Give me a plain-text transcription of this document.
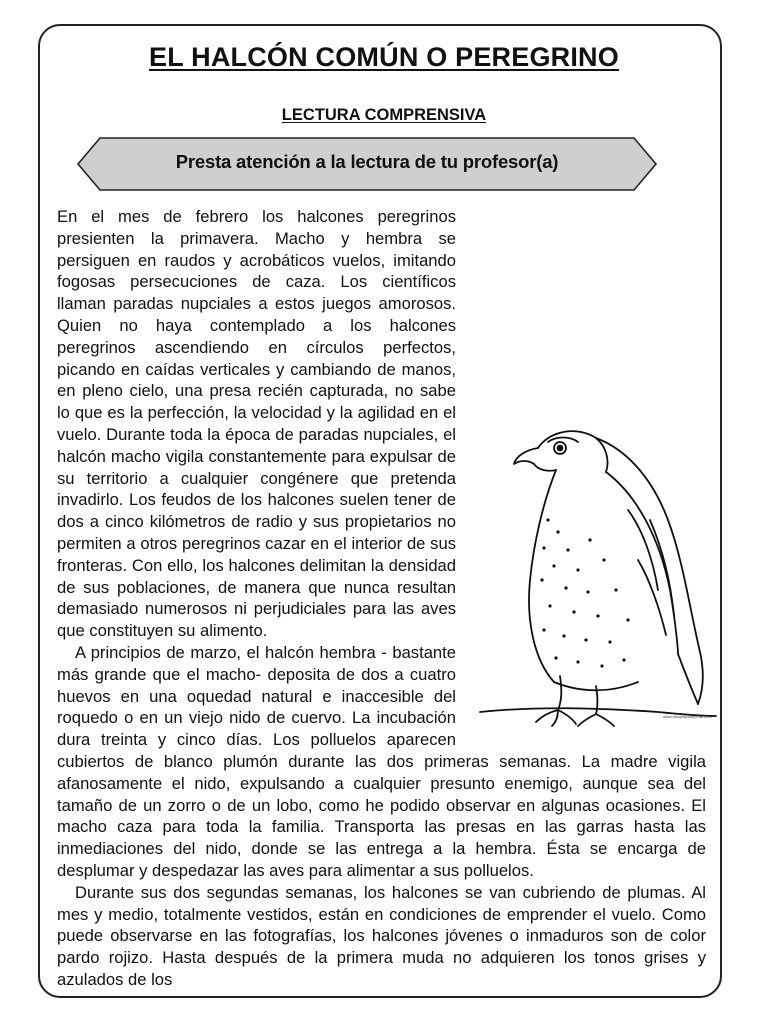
EL HALCÓN COMÚN O PEREGRINO
LECTURA COMPRENSIVA
Presta atención a la lectura de tu profesor(a)

En el mes de febrero los halcones peregrinos presienten la primavera. Macho y hembra se persiguen en raudos y acrobáticos vuelos, imitando fogosas persecuciones de caza. Los científicos llaman paradas nupciales a estos juegos amorosos. Quien no haya contemplado a los halcones peregrinos ascendiendo en círculos perfectos, picando en caídas verticales y cambiando de manos, en pleno cielo, una presa recién capturada, no sabe lo que es la perfección, la velocidad y la agilidad en el vuelo. Durante toda la época de paradas nupciales, el halcón macho vigila constantemente para expulsar de su territorio a cualquier congénere que pretenda invadirlo. Los feudos de los halcones suelen tener de dos a cinco kilómetros de radio y sus propietarios no permiten a otros peregrinos cazar en el interior de sus fronteras. Con ello, los halcones delimitan la densidad de sus poblaciones, de manera que nunca resultan demasiado numerosos ni perjudiciales para las aves que constituyen su alimento.

A principios de marzo, el halcón hembra - bastante más grande que el macho- deposita de dos a cuatro huevos en una oquedad natural e inaccesible del roquedo o en un viejo nido de cuervo. La incubación dura treinta y cinco días. Los polluelos aparecen cubiertos de blanco plumón durante las dos primeras semanas. La madre vigila afanosamente el nido, expulsando a cualquier presunto enemigo, aunque sea del tamaño de un zorro o de un lobo, como he podido observar en algunas ocasiones. El macho caza para toda la familia. Transporta las presas en las garras hasta las inmediaciones del nido, donde se las entrega a la hembra. Ésta se encarga de desplumar y despedazar las aves para alimentar a sus polluelos.

Durante sus dos segundas semanas, los halcones se van cubriendo de plumas. Al mes y medio, totalmente vestidos, están en condiciones de emprender el vuelo. Como puede observarse en las fotografías, los halcones jóvenes o inmaduros son de color pardo rojizo. Hasta después de la primera muda no adquieren los tonos grises y azulados de los

www.dibujosparapintar.com
